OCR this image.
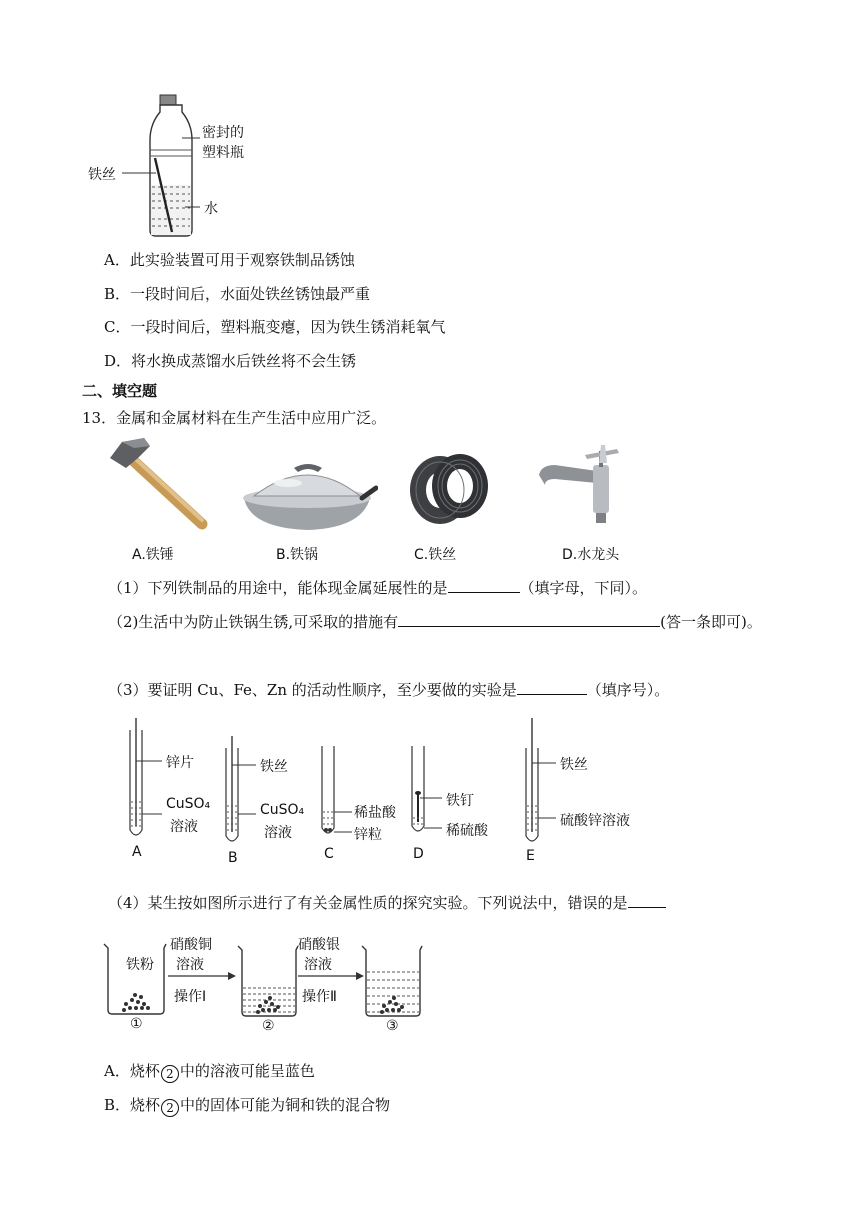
密封的
塑料瓶
铁丝
水
A．此实验装置可用于观察铁制品锈蚀
B．一段时间后，水面处铁丝锈蚀最严重
C．一段时间后，塑料瓶变瘪，因为铁生锈消耗氧气
D．将水换成蒸馏水后铁丝将不会生锈
二、填空题
13．金属和金属材料在生产生活中应用广泛。
A.铁锤	B.铁锅	C.铁丝	D.水龙头
（1）下列铁制品的用途中，能体现金属延展性的是	（填字母，下同）。
（2)生活中为防止铁锅生锈,可采取的措施有	(答一条即可)。
（3）要证明 Cu、Fe、Zn 的活动性顺序，至少要做的实验是	（填序号）。
锌片
CuSO₄
溶液
A
铁丝
CuSO₄
溶液
B
稀盐酸
锌粒
C
铁钉
稀硫酸
D
铁丝
硫酸锌溶液
E
（4）某生按如图所示进行了有关金属性质的探究实验。下列说法中，错误的是
铁粉
硝酸铜
溶液
操作Ⅰ
硝酸银
溶液
操作Ⅱ
①	②	③
A．烧杯 2 中的溶液可能呈蓝色
B．烧杯 2 中的固体可能为铜和铁的混合物
